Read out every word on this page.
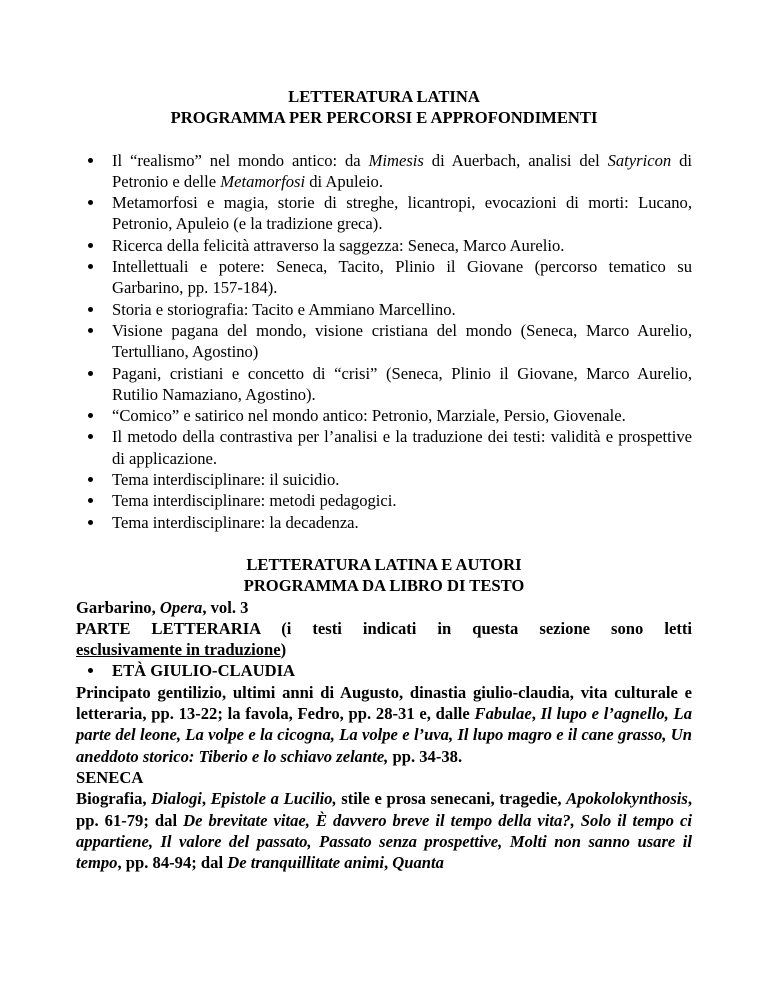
LETTERATURA LATINA
PROGRAMMA PER PERCORSI E APPROFONDIMENTI
Il “realismo” nel mondo antico: da Mimesis di Auerbach, analisi del Satyricon di Petronio e delle Metamorfosi di Apuleio.
Metamorfosi e magia, storie di streghe, licantropi, evocazioni di morti: Lucano, Petronio, Apuleio (e la tradizione greca).
Ricerca della felicità attraverso la saggezza: Seneca, Marco Aurelio.
Intellettuali e potere: Seneca, Tacito, Plinio il Giovane (percorso tematico su Garbarino, pp. 157-184).
Storia e storiografia: Tacito e Ammiano Marcellino.
Visione pagana del mondo, visione cristiana del mondo (Seneca, Marco Aurelio, Tertulliano, Agostino)
Pagani, cristiani e concetto di “crisi” (Seneca, Plinio il Giovane, Marco Aurelio, Rutilio Namaziano, Agostino).
“Comico” e satirico nel mondo antico: Petronio, Marziale, Persio, Giovenale.
Il metodo della contrastiva per l’analisi e la traduzione dei testi: validità e prospettive di applicazione.
Tema interdisciplinare: il suicidio.
Tema interdisciplinare: metodi pedagogici.
Tema interdisciplinare: la decadenza.
LETTERATURA LATINA E AUTORI
PROGRAMMA DA LIBRO DI TESTO
Garbarino, Opera, vol. 3
PARTE LETTERARIA (i testi indicati in questa sezione sono letti
esclusivamente in traduzione)
ETÀ GIULIO-CLAUDIA
Principato gentilizio, ultimi anni di Augusto, dinastia giulio-claudia, vita culturale e letteraria, pp. 13-22; la favola, Fedro, pp. 28-31 e, dalle Fabulae, Il lupo e l’agnello, La parte del leone, La volpe e la cicogna, La volpe e l’uva, Il lupo magro e il cane grasso, Un aneddoto storico: Tiberio e lo schiavo zelante, pp. 34-38.
SENECA
Biografia, Dialogi, Epistole a Lucilio, stile e prosa senecani, tragedie, Apokolokynthosis, pp. 61-79; dal De brevitate vitae, È davvero breve il tempo della vita?, Solo il tempo ci appartiene, Il valore del passato, Passato senza prospettive, Molti non sanno usare il tempo, pp. 84-94; dal De tranquillitate animi, Quanta
